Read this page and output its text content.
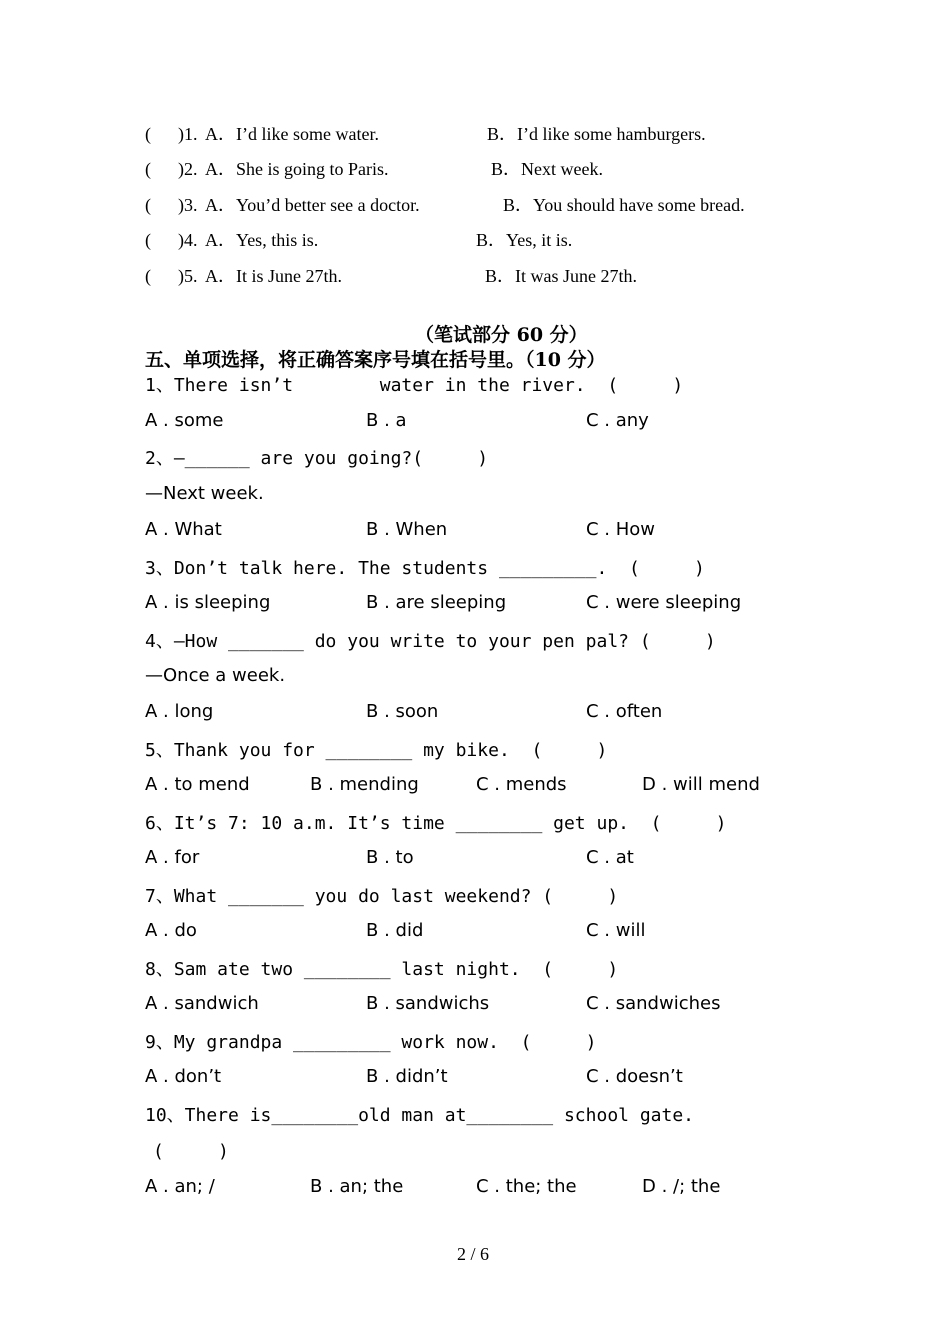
( ) 1. A．I’d like some water.	B．I’d like some hamburgers.
( ) 2. A．She is going to Paris.	B．Next week.
( ) 3. A．You’d better see a doctor.	B．You should have some bread.
( ) 4. A．Yes, this is.	B．Yes, it is.
( ) 5. A．It is June 27th.	B．It was June 27th.
（笔试部分 60 分）
五、单项选择，将正确答案序号填在括号里。（10 分）
1、There isn’t        water in the river.  (     )
A . some	B . a	C . any
2、—______ are you going?(     )
—Next week.
A . What	B . When	C . How
3、Don’t talk here. The students _________.  (     )
A . is sleeping	B . are sleeping	C . were sleeping
4、—How _______ do you write to your pen pal? (     )
—Once a week.
A . long	B . soon	C . often
5、Thank you for ________ my bike.  (     )
A . to mend	B . mending	C . mends	D . will mend
6、It’s 7: 10 a.m. It’s time ________ get up.  (     )
A . for	B . to	C . at
7、What _______ you do last weekend? (     )
A . do	B . did	C . will
8、Sam ate two ________ last night.  (     )
A . sandwich	B . sandwichs	C . sandwiches
9、My grandpa _________ work now.  (     )
A . don’t	B . didn’t	C . doesn’t
10、There is________old man at________ school gate.
(     )
A . an; /	B . an; the	C . the; the	D . /; the
2 / 6
